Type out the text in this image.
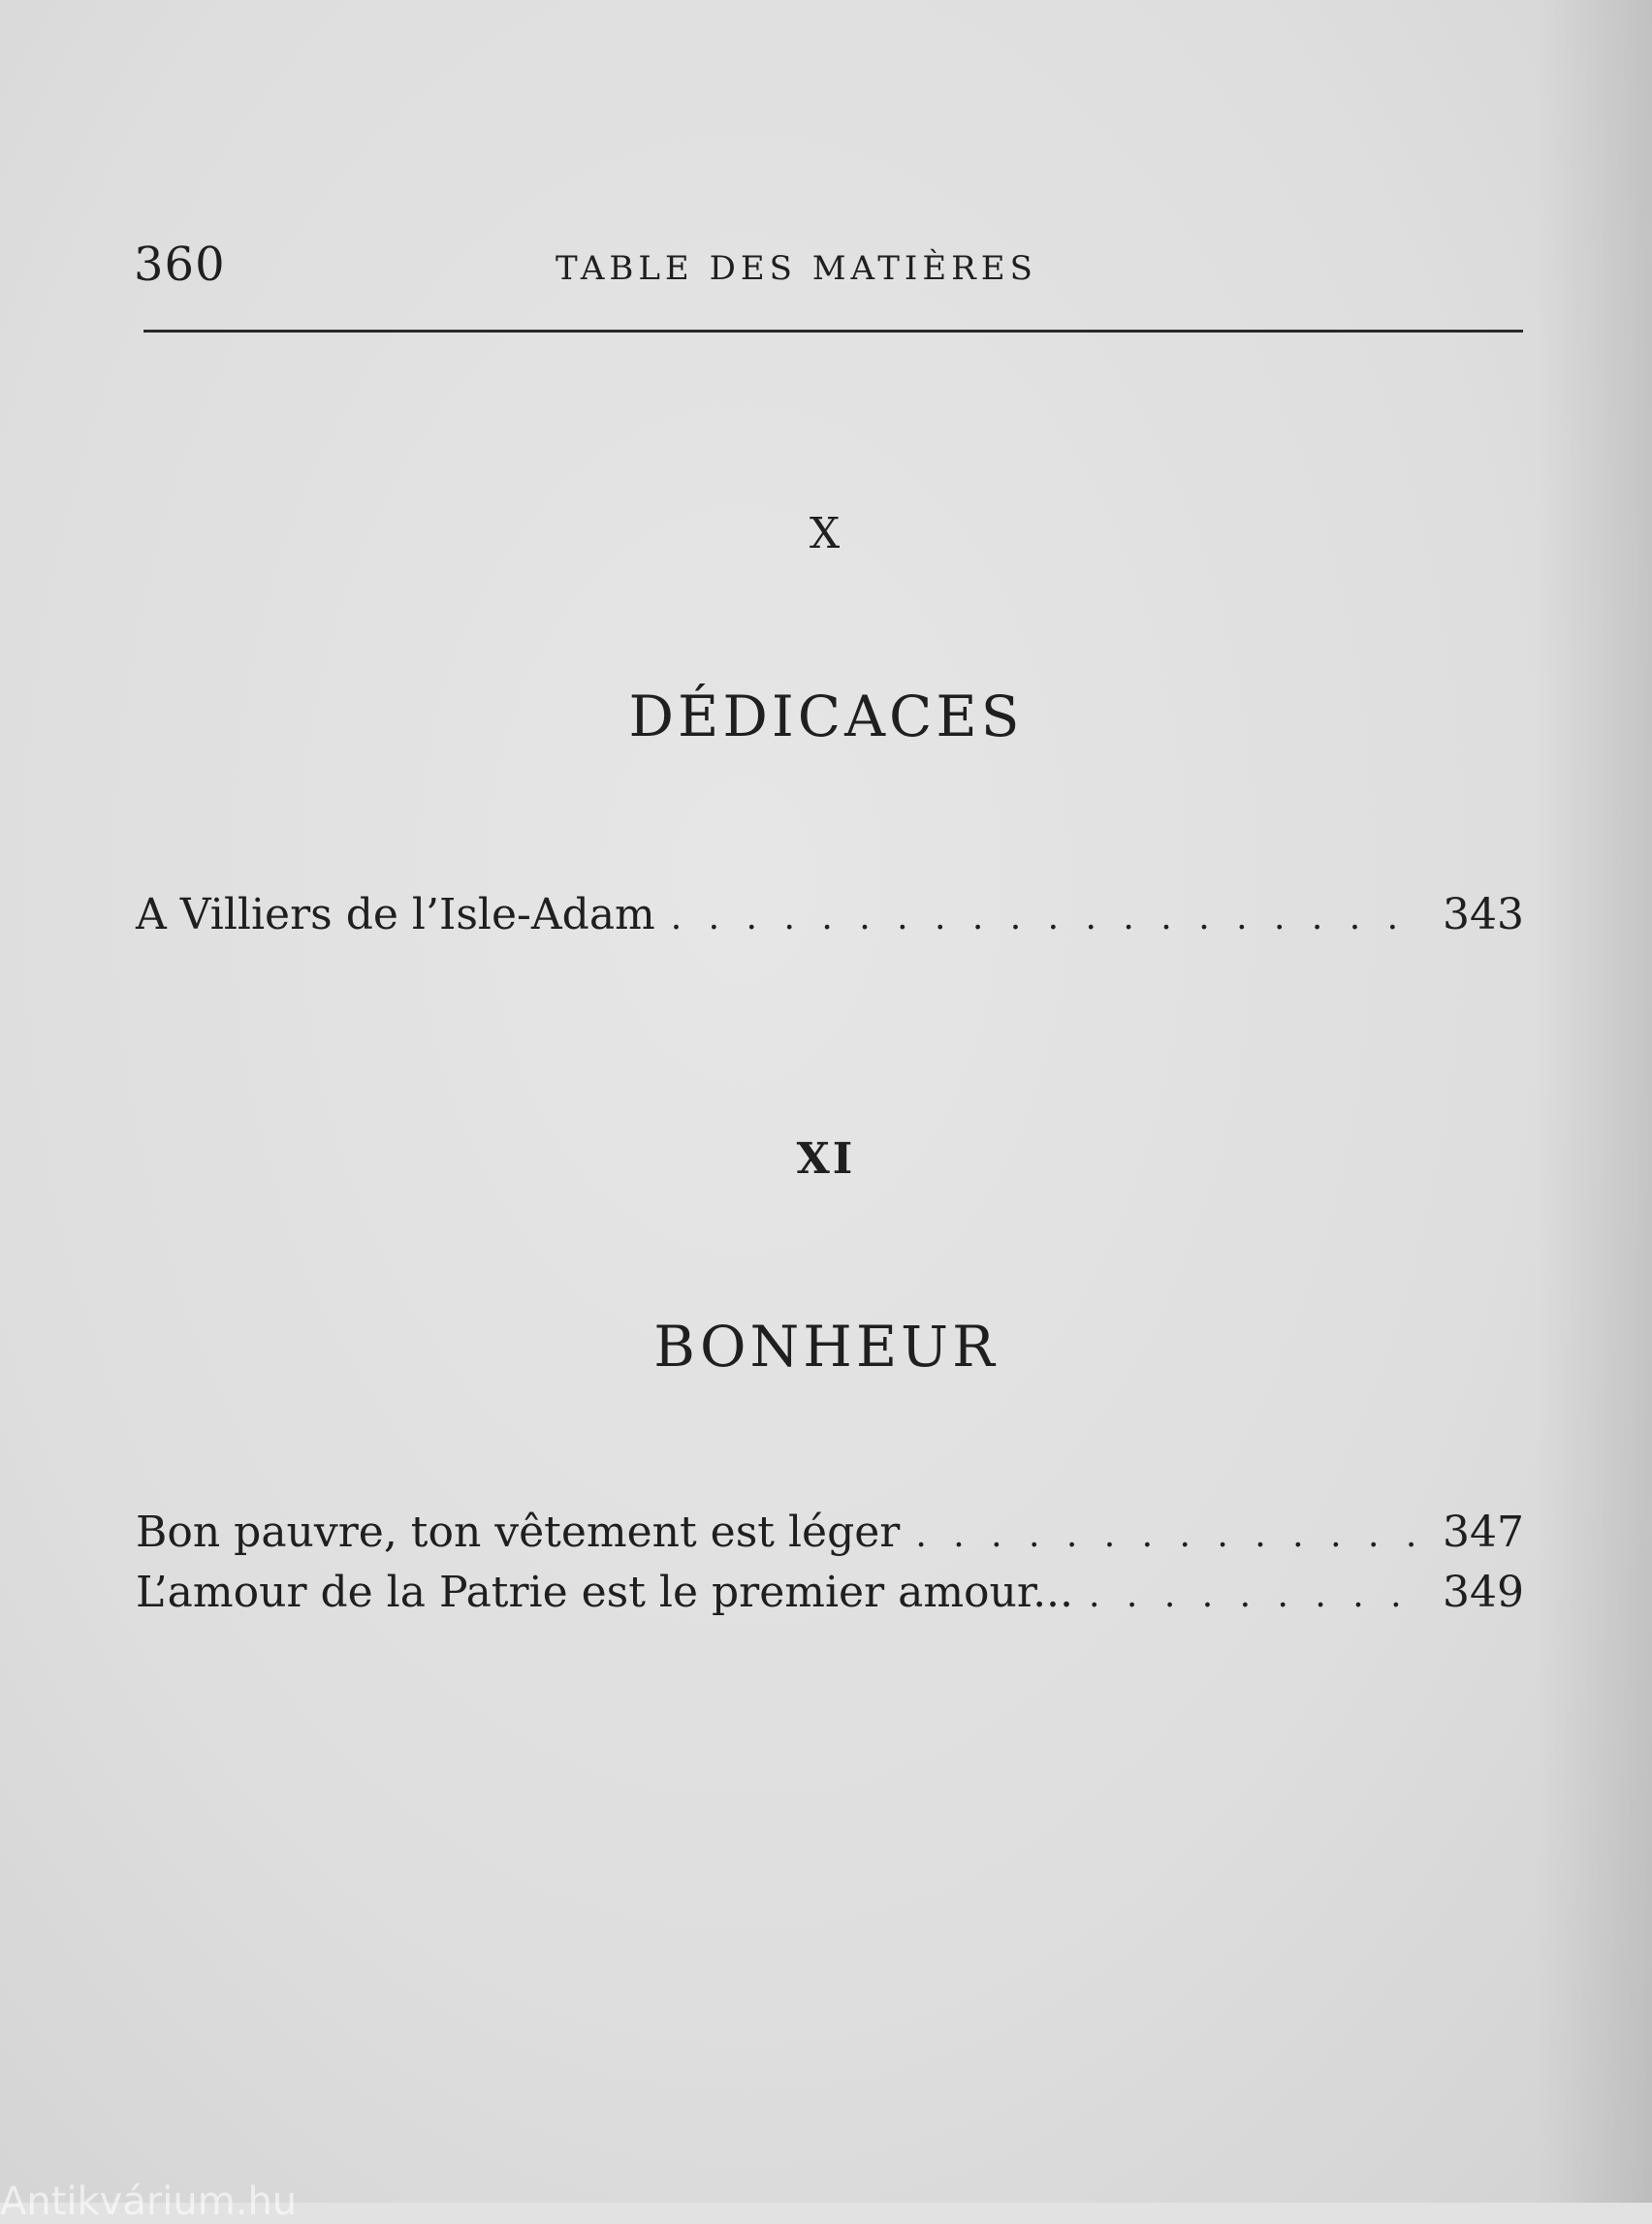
360	TABLE DES MATIÈRES
X
DÉDICACES
A Villiers de l’Isle-Adam . . .	343
XI
BONHEUR
Bon pauvre, ton vêtement est léger . . .	347
L’amour de la Patrie est le premier amour... . . .	349
Antikvárium.hu
